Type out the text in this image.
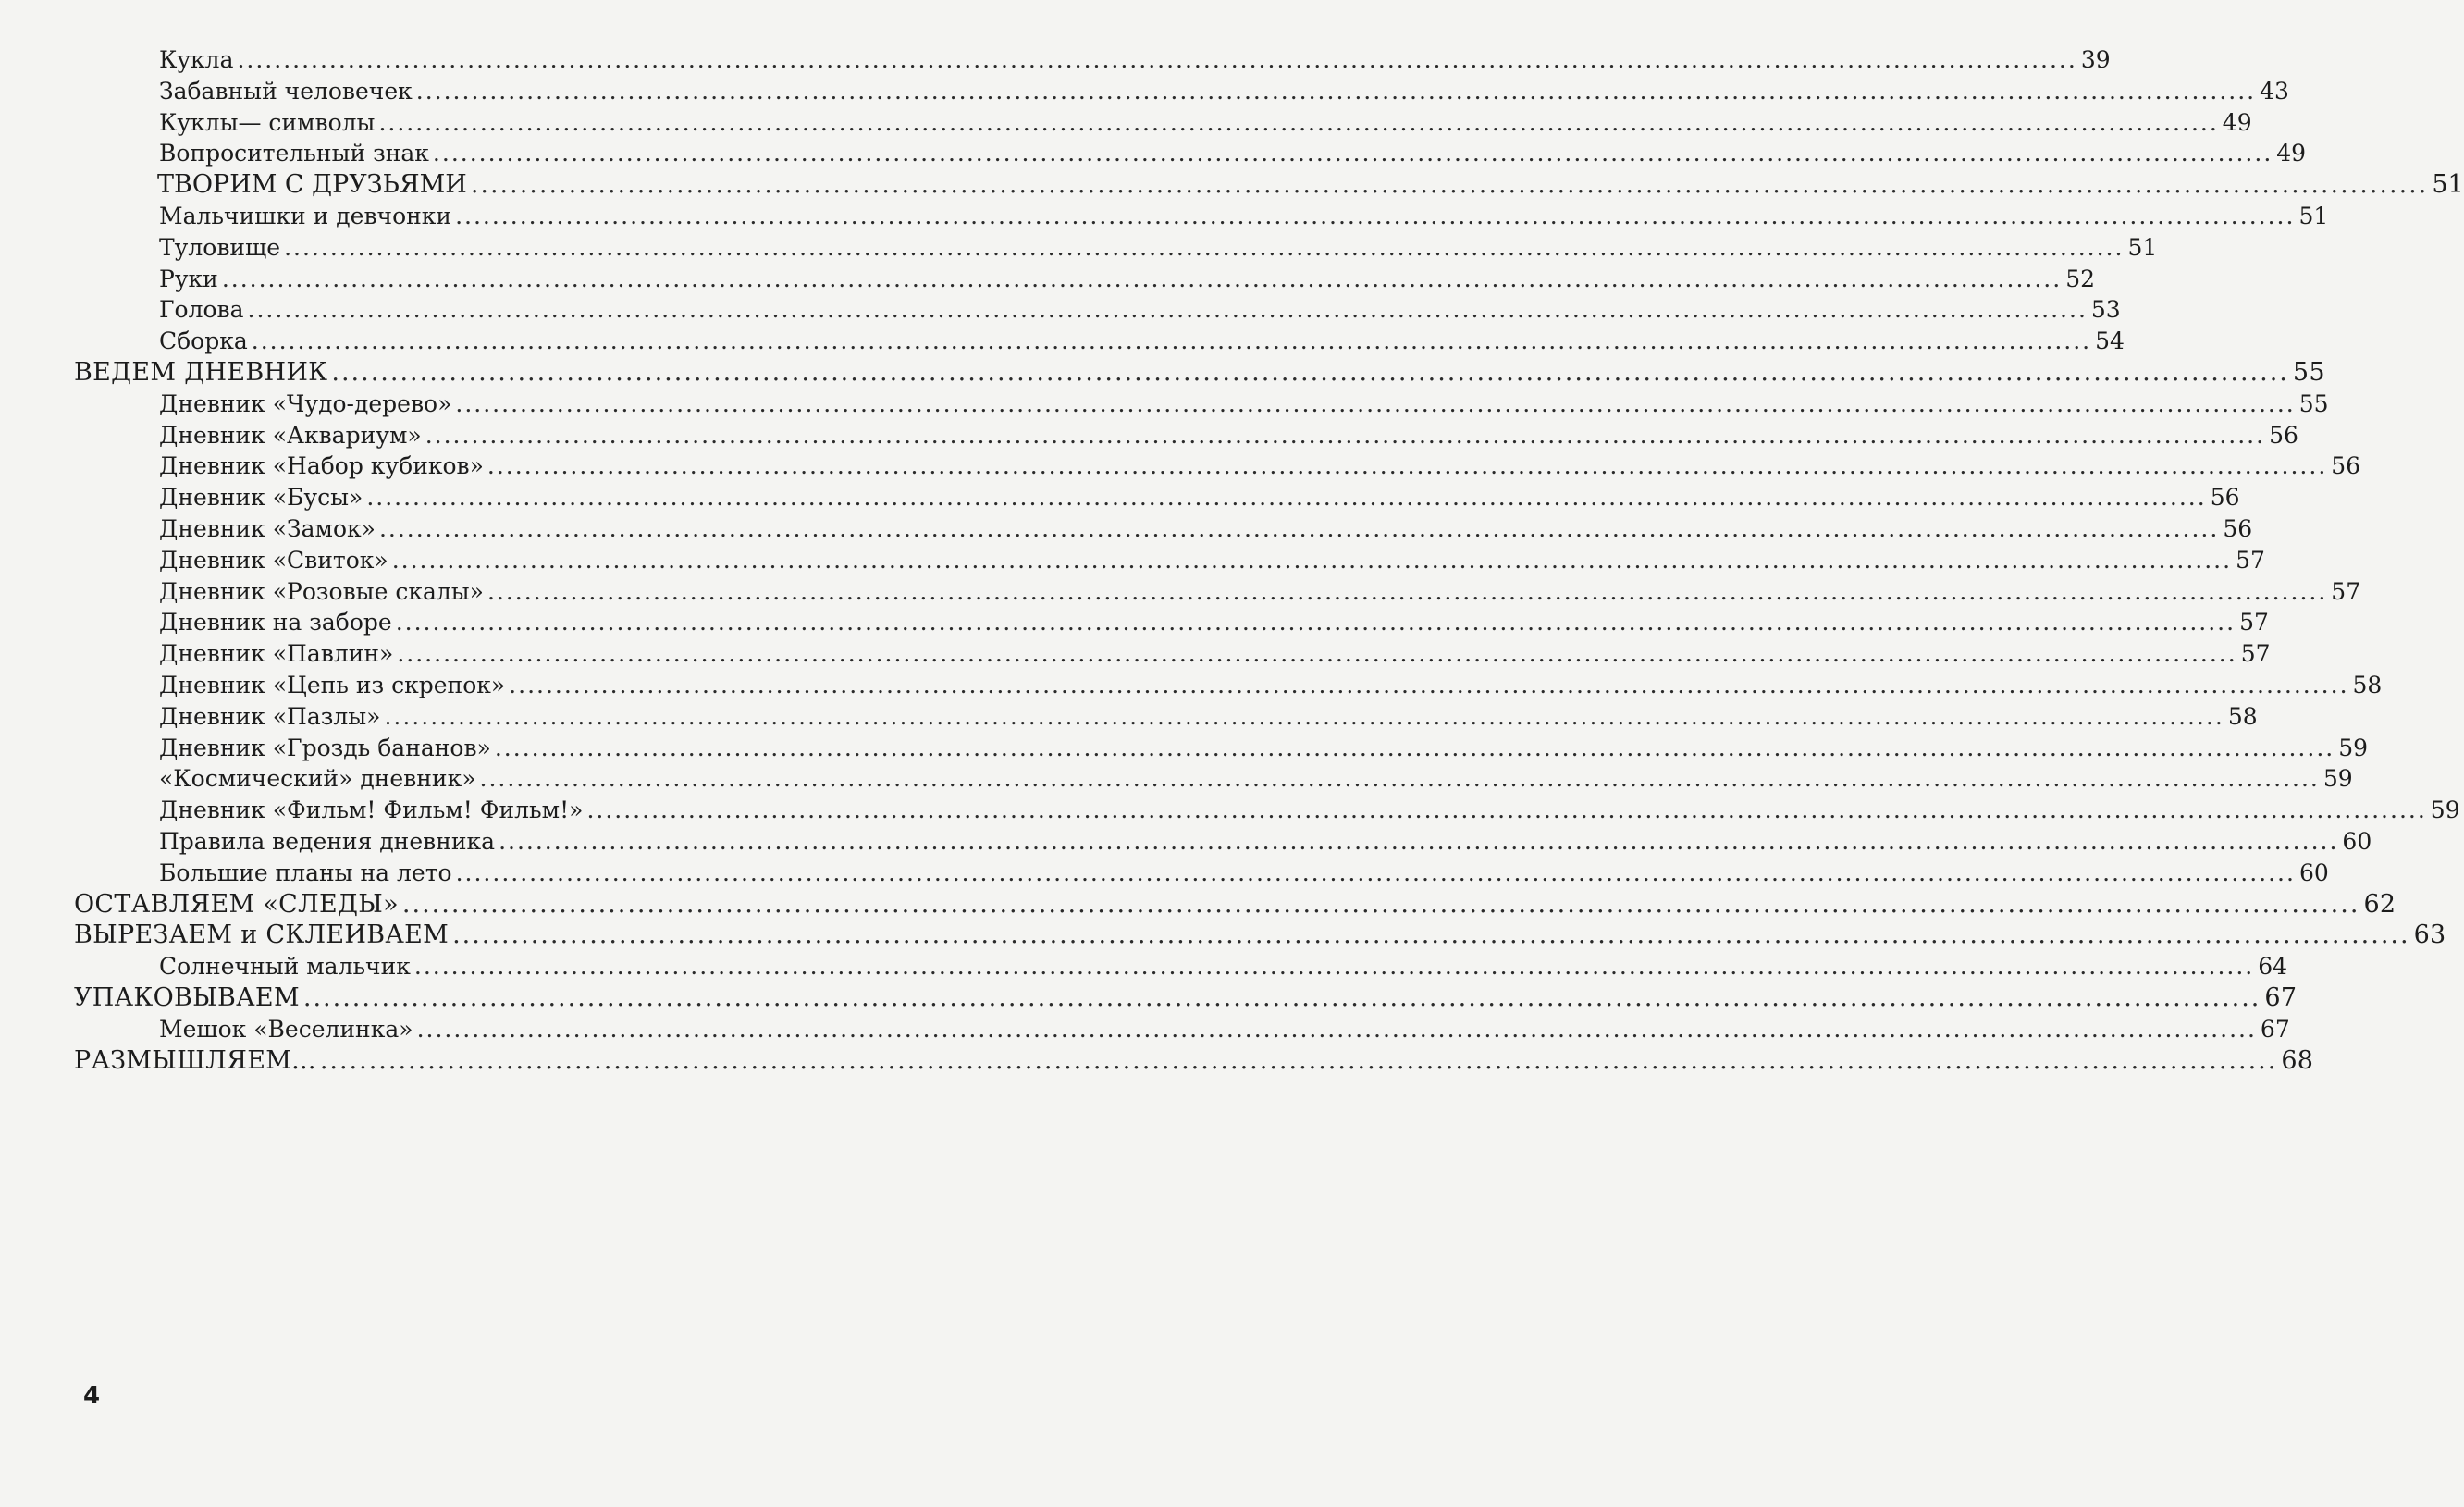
Кукла ........................................................................................................................................................................................................ 39
Забавный человечек ........................................................................................................................................................................................................ 43
Куклы— символы ........................................................................................................................................................................................................ 49
Вопросительный знак ........................................................................................................................................................................................................ 49
ТВОРИМ С ДРУЗЬЯМИ ........................................................................................................................................................................................................ 51
Мальчишки и девчонки ........................................................................................................................................................................................................ 51
Туловище ........................................................................................................................................................................................................ 51
Руки ........................................................................................................................................................................................................ 52
Голова ........................................................................................................................................................................................................ 53
Сборка ........................................................................................................................................................................................................ 54
ВЕДЕМ ДНЕВНИК ........................................................................................................................................................................................................ 55
Дневник «Чудо-дерево» ........................................................................................................................................................................................................ 55
Дневник «Аквариум» ........................................................................................................................................................................................................ 56
Дневник «Набор кубиков» ........................................................................................................................................................................................................ 56
Дневник «Бусы» ........................................................................................................................................................................................................ 56
Дневник «Замок» ........................................................................................................................................................................................................ 56
Дневник «Свиток» ........................................................................................................................................................................................................ 57
Дневник «Розовые скалы» ........................................................................................................................................................................................................ 57
Дневник на заборе ........................................................................................................................................................................................................ 57
Дневник «Павлин» ........................................................................................................................................................................................................ 57
Дневник «Цепь из скрепок» ........................................................................................................................................................................................................ 58
Дневник «Пазлы» ........................................................................................................................................................................................................ 58
Дневник «Гроздь бананов» ........................................................................................................................................................................................................ 59
«Космический» дневник» ........................................................................................................................................................................................................ 59
Дневник «Фильм! Фильм! Фильм!» ........................................................................................................................................................................................................ 59
Правила ведения дневника ........................................................................................................................................................................................................ 60
Большие планы на лето ........................................................................................................................................................................................................ 60
ОСТАВЛЯЕМ «СЛЕДЫ» ........................................................................................................................................................................................................ 62
ВЫРЕЗАЕМ и СКЛЕИВАЕМ ........................................................................................................................................................................................................ 63
Солнечный мальчик ........................................................................................................................................................................................................ 64
УПАКОВЫВАЕМ ........................................................................................................................................................................................................ 67
Мешок «Веселинка» ........................................................................................................................................................................................................ 67
РАЗМЫШЛЯЕМ... ........................................................................................................................................................................................................ 68
4
